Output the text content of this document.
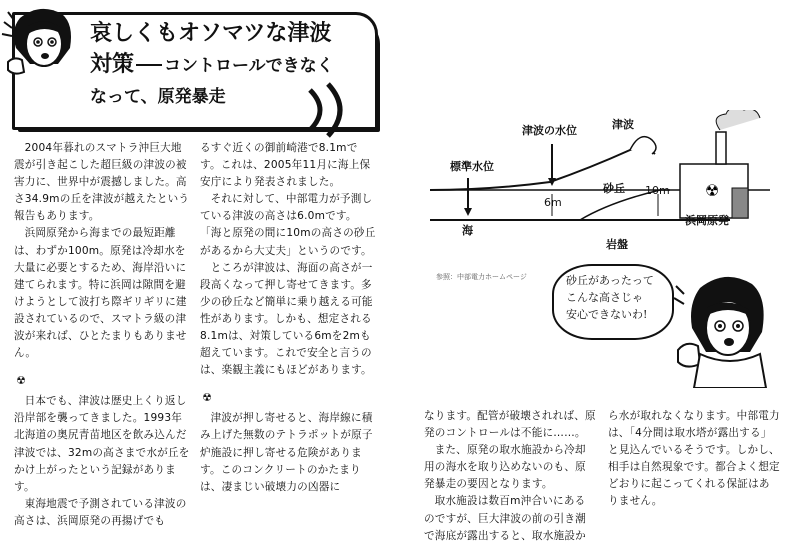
哀しくもオソマツな津波
対策 コントロールできなく
なって、原発暴走

2004年暮れのスマトラ沖巨大地震が引き起こした超巨級の津波の被害力に、世界中が震撼しました。高さ34.9mの丘を津波が越えたという報告もあります。

浜岡原発から海までの最短距離は、わずか100m。原発は冷却水を大量に必要とするため、海岸沿いに建てられます。特に浜岡は隙間を避けようとして波打ち際ギリギリに建設されているので、スマトラ級の津波が来れば、ひとたまりもありません。

☢

日本でも、津波は歴史上くり返し沿岸部を襲ってきました。1993年北海道の奥尻青苗地区を飲み込んだ津波では、32mの高さまで水が丘をかけ上がったという記録があります。

東海地震で予測されている津波の高さは、浜岡原発の再揚げでも

るすぐ近くの御前崎港で8.1mです。これは、2005年11月に海上保安庁により発表されました。

それに対して、中部電力が予測している津波の高さは6.0mです。

「海と原発の間に10mの高さの砂丘があるから大丈夫」というのです。

ところが津波は、海面の高さが一段高くなって押し寄せてきます。多少の砂丘など簡単に乗り越える可能性があります。しかも、想定される8.1mは、対策している6mを2mも超えています。これで安全と言うのは、楽観主義にもほどがあります。

☢

津波が押し寄せると、海岸線に積み上げた無数のテトラポットが原子炉施設に押し寄せる危険があります。このコンクリートのかたまりは、凄まじい破壊力の凶器に

☢
標準水位
津波の水位	津波
砂丘
6m
10m
海
岩盤
浜岡原発
参照：中部電力ホームページ	砂丘があったって
こんな高さじゃ
安心できないわ!

なります。配管が破壊されれば、原発のコントロールは不能に……。

また、原発の取水施設から冷却用の海水を取り込めないのも、原発暴走の要因となります。

取水施設は数百m沖合いにあるのですが、巨大津波の前の引き潮で海底が露出すると、取水施設か

ら水が取れなくなります。中部電力は、「4分間は取水塔が露出する」と見込んでいるそうです。しかし、相手は自然現象です。都合よく想定どおりに起こってくれる保証はありません。
